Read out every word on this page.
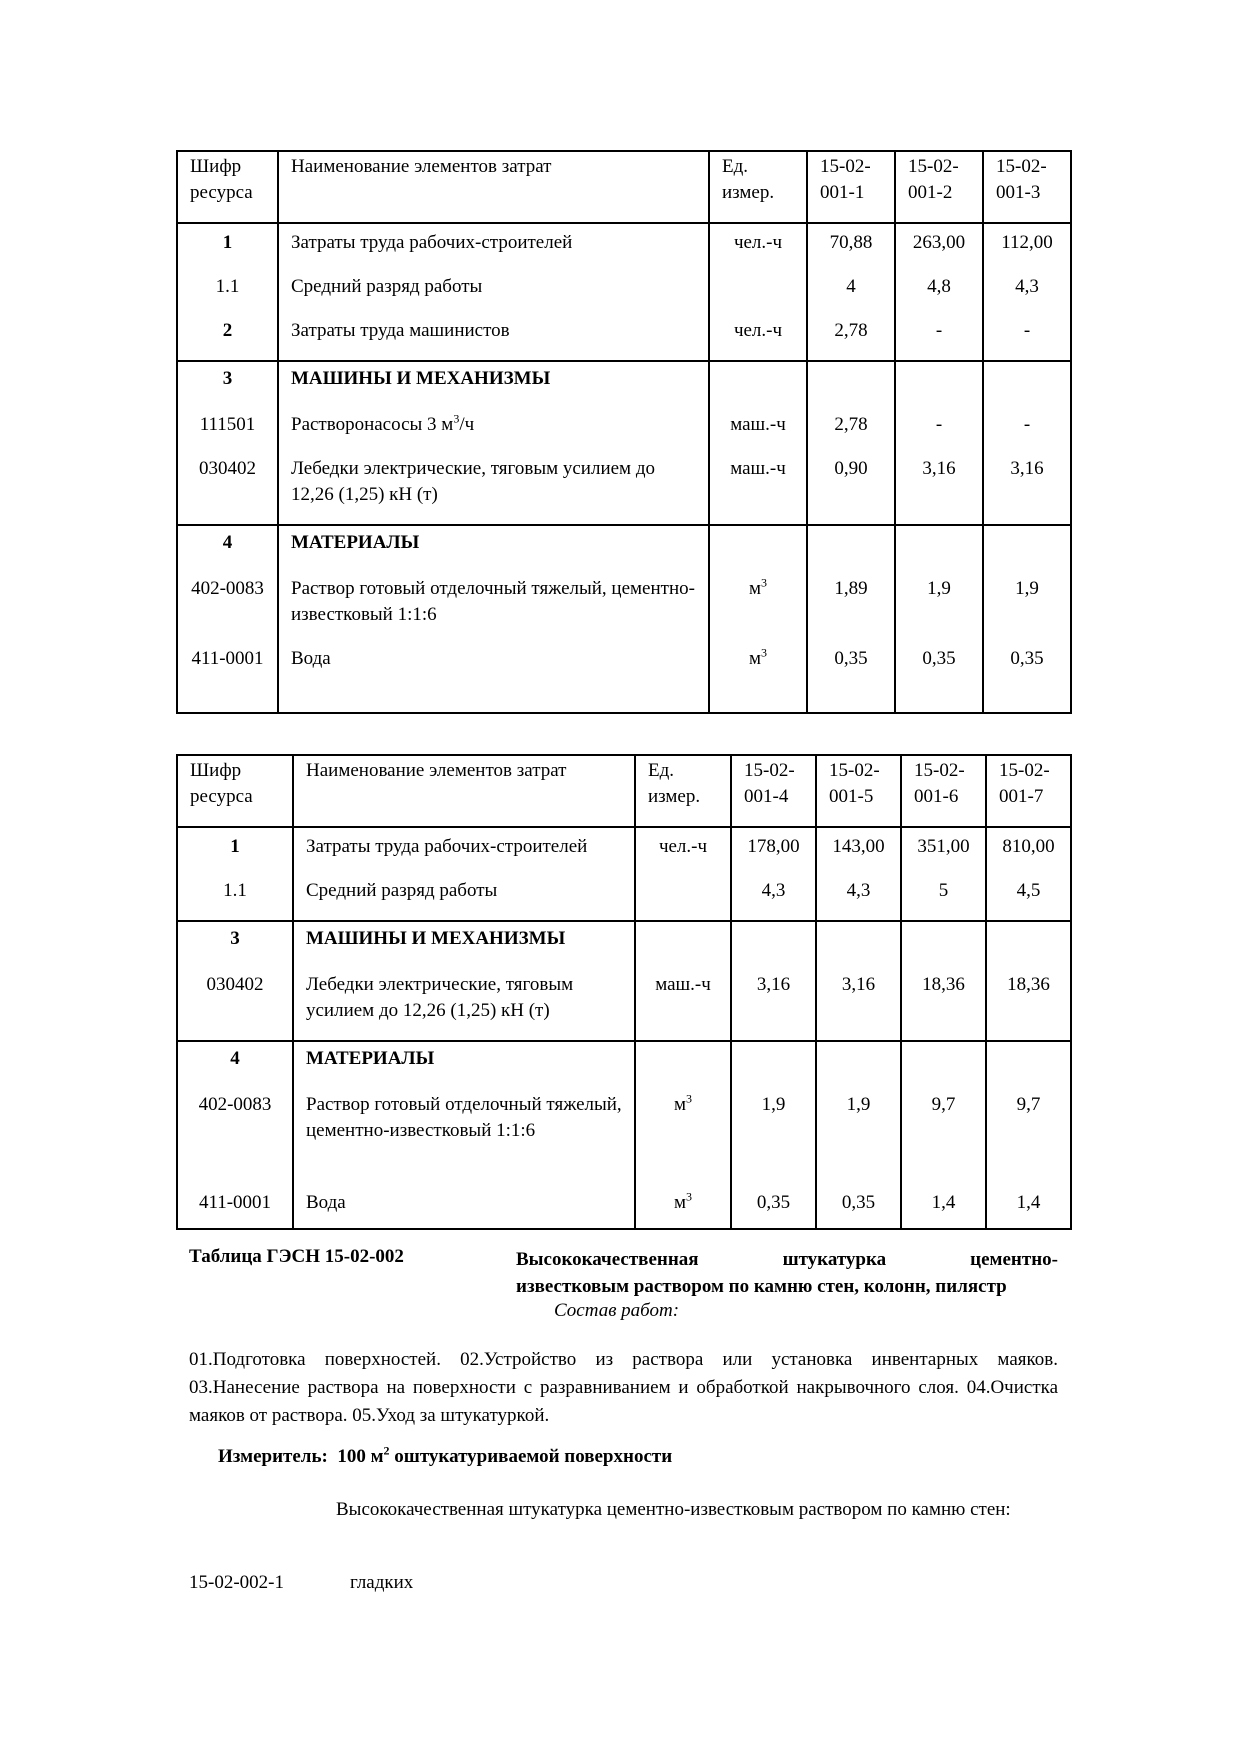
Шифр ресурса	Наименование элементов затрат	Ед. измер.	15-02-001-1	15-02-001-2	15-02-001-3
1	Затраты труда рабочих-строителей	чел.-ч	70,88	263,00	112,00
1.1	Средний разряд работы		4	4,8	4,3
2	Затраты труда машинистов	чел.-ч	2,78	-	-
3	МАШИНЫ И МЕХАНИЗМЫ				
111501	Растворонасосы 3 $м^3/ч$	маш.-ч	2,78	-	-
030402	Лебедки электрические, тяговым усилием до 12,26 (1,25) кН (т)	маш.-ч	0,90	3,16	3,16
4	МАТЕРИАЛЫ				
402-0083	Раствор готовый отделочный тяжелый, цементно-известковый 1:1:6	$м^3$	1,89	1,9	1,9
411-0001	Вода	$м^3$	0,35	0,35	0,35
Шифр ресурса	Наименование элементов затрат	Ед. измер.	15-02-001-4	15-02-001-5	15-02-001-6	15-02-001-7
1	Затраты труда рабочих-строителей	чел.-ч	178,00	143,00	351,00	810,00
1.1	Средний разряд работы		4,3	4,3	5	4,5
3	МАШИНЫ И МЕХАНИЗМЫ					
030402	Лебедки электрические, тяговым усилием до 12,26 (1,25) кН (т)	маш.-ч	3,16	3,16	18,36	18,36
4	МАТЕРИАЛЫ					
402-0083	Раствор готовый отделочный тяжелый, цементно-известковый 1:1:6	$м^3$	1,9	1,9	9,7	9,7
411-0001	Вода	$м^3$	0,35	0,35	1,4	1,4
Таблица ГЭСН 15-02-002	Высококачественная	штукатурка	цементно-
известковым раствором по камню стен, колонн, пилястр
Состав работ:
01.Подготовка поверхностей. 02.Устройство из раствора или установка инвентарных маяков. 03.Нанесение раствора на поверхности с разравниванием и обработкой накрывочного слоя. 04.Очистка маяков от раствора. 05.Уход за штукатуркой.
Измеритель: 100 $м^2$ оштукатуриваемой поверхности
Высококачественная штукатурка цементно-известковым раствором по камню стен:
15-02-002-1	гладких
